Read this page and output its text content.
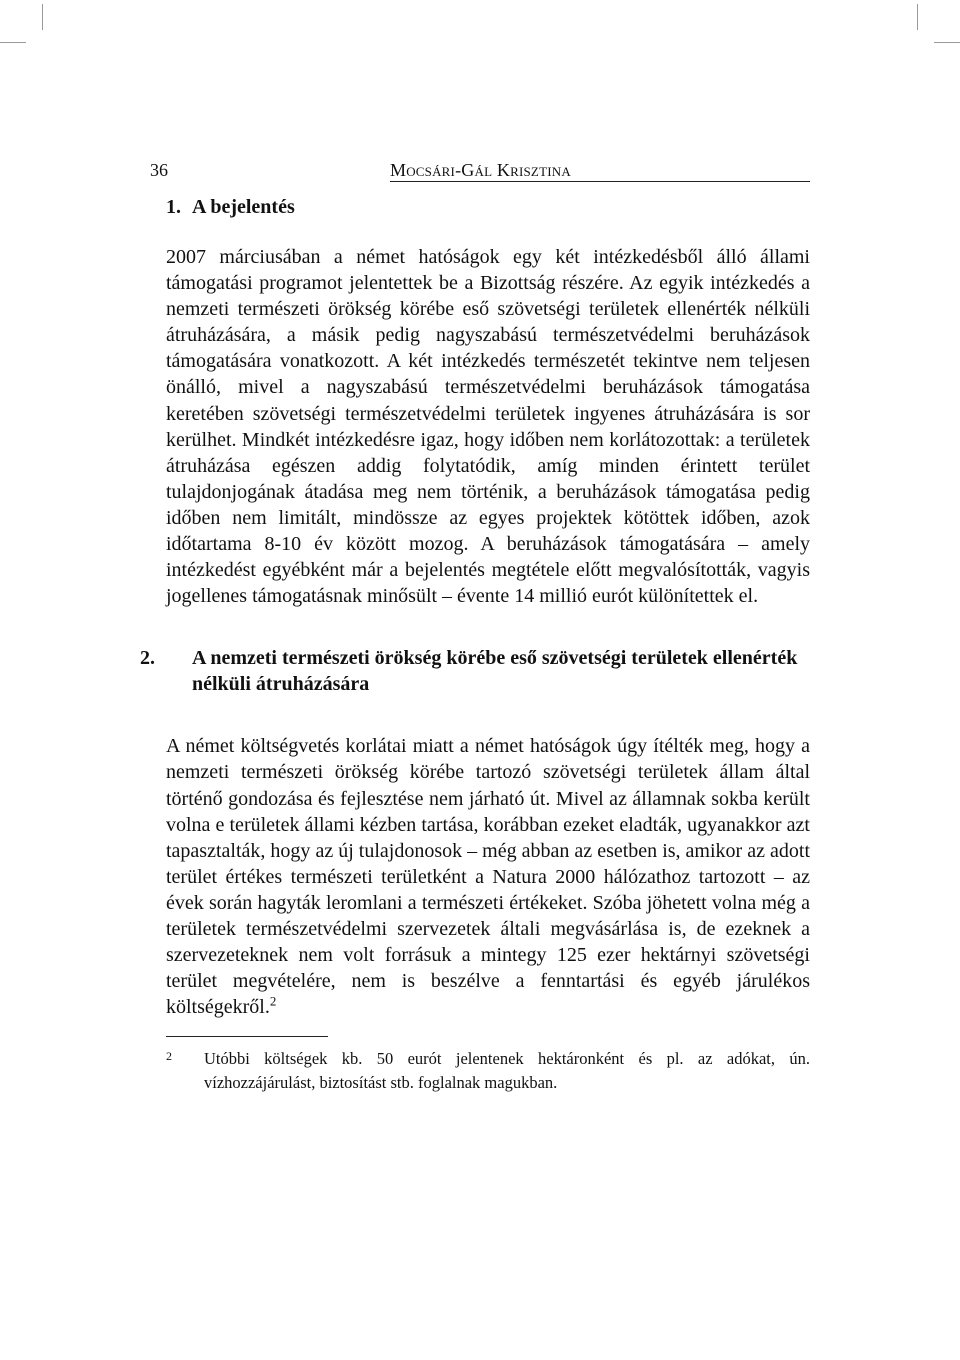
36	Mocsári-Gál Krisztina
1. A bejelentés

2007 márciusában a német hatóságok egy két intézkedésből álló állami támogatási programot jelentettek be a Bizottság részére. Az egyik intézkedés a nemzeti természeti örökség körébe eső szövetségi területek ellenérték nélküli átruházására, a másik pedig nagyszabású természetvédelmi beruházások támogatására vonatkozott. A két intézkedés természetét tekintve nem teljesen önálló, mivel a nagyszabású természetvédelmi beruházások támogatása keretében szövetségi természetvédelmi területek ingyenes átruházására is sor kerülhet. Mindkét intézkedésre igaz, hogy időben nem korlátozottak: a területek átruházása egészen addig folytatódik, amíg minden érintett terület tulajdonjogának átadása meg nem történik, a beruházások támogatása pedig időben nem limitált, mindössze az egyes projektek kötöttek időben, azok időtartama 8-10 év között mozog. A beruházások támogatására – amely intézkedést egyébként már a bejelentés megtétele előtt megvalósították, vagyis jogellenes támogatásnak minősült – évente 14 millió eurót különítettek el.

2. A nemzeti természeti örökség körébe eső szövetségi területek ellenérték nélküli átruházására

A német költségvetés korlátai miatt a német hatóságok úgy ítélték meg, hogy a nemzeti természeti örökség körébe tartozó szövetségi területek állam által történő gondozása és fejlesztése nem járható út. Mivel az államnak sokba került volna e területek állami kézben tartása, korábban ezeket eladták, ugyanakkor azt tapasztalták, hogy az új tulajdonosok – még abban az esetben is, amikor az adott terület értékes természeti területként a Natura 2000 hálózathoz tartozott – az évek során hagyták leromlani a természeti értékeket. Szóba jöhetett volna még a területek természetvédelmi szervezetek általi megvásárlása is, de ezeknek a szervezeteknek nem volt forrásuk a mintegy 125 ezer hektárnyi szövetségi terület megvételére, nem is beszélve a fenntartási és egyéb járulékos költségekről.$^2$

2 Utóbbi költségek kb. 50 eurót jelentenek hektáronként és pl. az adókat, ún. vízhozzájárulást, biztosítást stb. foglalnak magukban.
